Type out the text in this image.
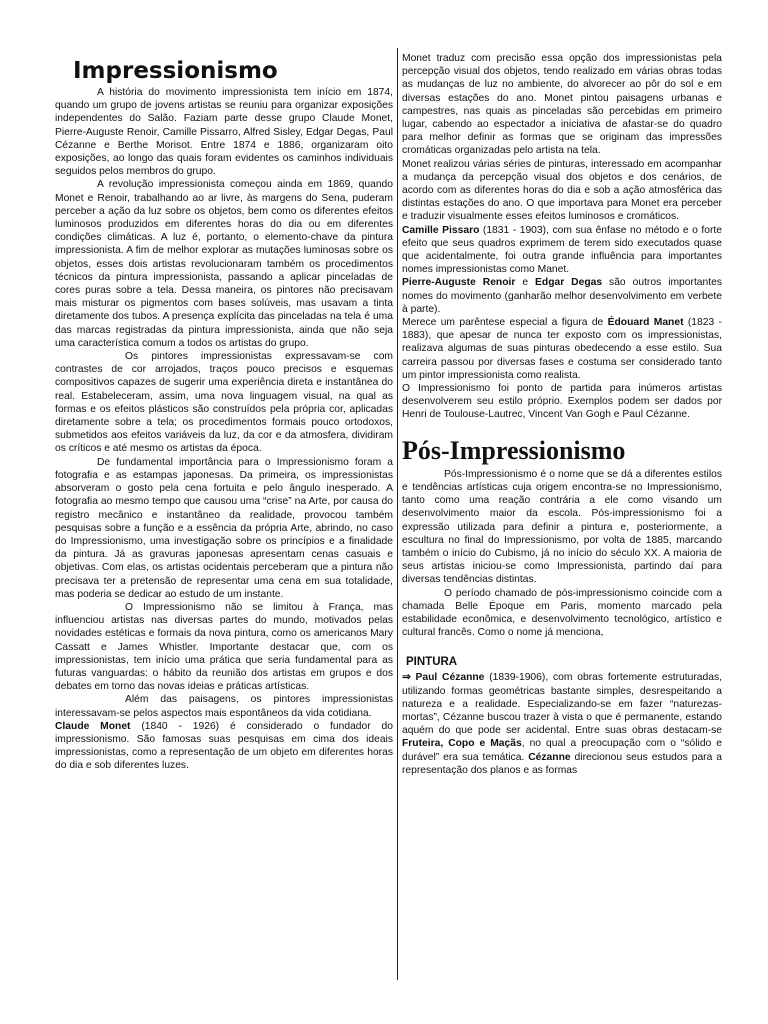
Impressionismo

A história do movimento impressionista tem início em 1874, quando um grupo de jovens artistas se reuniu para organizar exposições independentes do Salão. Faziam parte desse grupo Claude Monet, Pierre-Auguste Renoir, Camille Pissarro, Alfred Sisley, Edgar Degas, Paul Cézanne e Berthe Morisot. Entre 1874 e 1886, organizaram oito exposições, ao longo das quais foram evidentes os caminhos individuais seguidos pelos membros do grupo.

A revolução impressionista começou ainda em 1869, quando Monet e Renoir, trabalhando ao ar livre, às margens do Sena, puderam perceber a ação da luz sobre os objetos, bem como os diferentes efeitos luminosos produzidos em diferentes horas do dia ou em diferentes condições climáticas. A luz é, portanto, o elemento-chave da pintura impressionista. A fim de melhor explorar as mutações luminosas sobre os objetos, esses dois artistas revolucionaram também os procedimentos técnicos da pintura impressionista, passando a aplicar pinceladas de cores puras sobre a tela. Dessa maneira, os pintores não precisavam mais misturar os pigmentos com bases solúveis, mas usavam a tinta diretamente dos tubos. A presença explícita das pinceladas na tela é uma das marcas registradas da pintura impressionista, ainda que não seja uma característica comum a todos os artistas do grupo.

Os pintores impressionistas expressavam-se com contrastes de cor arrojados, traços pouco precisos e esquemas compositivos capazes de sugerir uma experiência direta e instantânea do real. Estabeleceram, assim, uma nova linguagem visual, na qual as formas e os efeitos plásticos são construídos pela própria cor, aplicadas diretamente sobre a tela; os procedimentos formais pouco ortodoxos, submetidos aos efeitos variáveis da luz, da cor e da atmosfera, dividiram os críticos e até mesmo os artistas da época.

De fundamental importância para o Impressionismo foram a fotografia e as estampas japonesas. Da primeira, os impressionistas absorveram o gosto pela cena fortuita e pelo ângulo inesperado. A fotografia ao mesmo tempo que causou uma “crise” na Arte, por causa do registro mecânico e instantâneo da realidade, provocou também pesquisas sobre a função e a essência da própria Arte, abrindo, no caso do Impressionismo, uma investigação sobre os princípios e a finalidade da pintura. Já as gravuras japonesas apresentam cenas casuais e objetivas. Com elas, os artistas ocidentais perceberam que a pintura não precisava ter a pretensão de representar uma cena em sua totalidade, mas poderia se dedicar ao estudo de um instante.

O Impressionismo não se limitou à França, mas influenciou artistas nas diversas partes do mundo, motivados pelas novidades estéticas e formais da nova pintura, como os americanos Mary Cassatt e James Whistler. Importante destacar que, com os impressionistas, tem início uma prática que seria fundamental para as futuras vanguardas: o hábito da reunião dos artistas em grupos e dos debates em torno das novas ideias e práticas artísticas.

Além das paisagens, os pintores impressionistas interessavam-se pelos aspectos mais espontâneos da vida cotidiana.

Claude Monet (1840 - 1926) é considerado o fundador do impressionismo. São famosas suas pesquisas em cima dos ideais impressionistas, como a representação de um objeto em diferentes horas do dia e sob diferentes luzes.

Monet traduz com precisão essa opção dos impressionistas pela percepção visual dos objetos, tendo realizado em várias obras todas as mudanças de luz no ambiente, do alvorecer ao pôr do sol e em diversas estações do ano. Monet pintou paisagens urbanas e campestres, nas quais as pinceladas são percebidas em primeiro lugar, cabendo ao espectador a iniciativa de afastar-se do quadro para melhor definir as formas que se originam das impressões cromáticas organizadas pelo artista na tela.

Monet realizou várias séries de pinturas, interessado em acompanhar a mudança da percepção visual dos objetos e dos cenários, de acordo com as diferentes horas do dia e sob a ação atmosférica das distintas estações do ano. O que importava para Monet era perceber e traduzir visualmente esses efeitos luminosos e cromáticos.

Camille Pissaro (1831 - 1903), com sua ênfase no método e o forte efeito que seus quadros exprimem de terem sido executados quase que acidentalmente, foi outra grande influência para importantes nomes impressionistas como Manet.

Pierre-Auguste Renoir e Edgar Degas são outros importantes nomes do movimento (ganharão melhor desenvolvimento em verbete à parte).

Merece um parêntese especial a figura de Édouard Manet (1823 - 1883), que apesar de nunca ter exposto com os impressionistas, realizava algumas de suas pinturas obedecendo a esse estilo. Sua carreira passou por diversas fases e costuma ser considerado tanto um pintor impressionista como realista.

O Impressionismo foi ponto de partida para inúmeros artistas desenvolverem seu estilo próprio. Exemplos podem ser dados por Henri de Toulouse-Lautrec, Vincent Van Gogh e Paul Cézanne.

Pós-Impressionismo

Pós-Impressionismo é o nome que se dá a diferentes estilos e tendências artísticas cuja origem encontra-se no Impressionismo, tanto como uma reação contrária a ele como visando um desenvolvimento maior da escola. Pós-impressionismo foi a expressão utilizada para definir a pintura e, posteriormente, a escultura no final do Impressionismo, por volta de 1885, marcando também o início do Cubismo, já no início do século XX. A maioria de seus artistas iniciou-se como Impressionista, partindo daí para diversas tendências distintas.

O período chamado de pós-impressionismo coincide com a chamada Belle Époque em Paris, momento marcado pela estabilidade econômica, e desenvolvimento tecnológico, artístico e cultural francês. Como o nome já menciona,

PINTURA

⇒ Paul Cézanne (1839-1906), com obras fortemente estruturadas, utilizando formas geométricas bastante simples, desrespeitando a natureza e a realidade. Especializando-se em fazer “naturezas-mortas”, Cézanne buscou trazer à vista o que é permanente, estando aquém do que pode ser acidental. Entre suas obras destacam-se Fruteira, Copo e Maçãs, no qual a preocupação com o “sólido e durável” era sua temática. Cézanne direcionou seus estudos para a representação dos planos e as formas
